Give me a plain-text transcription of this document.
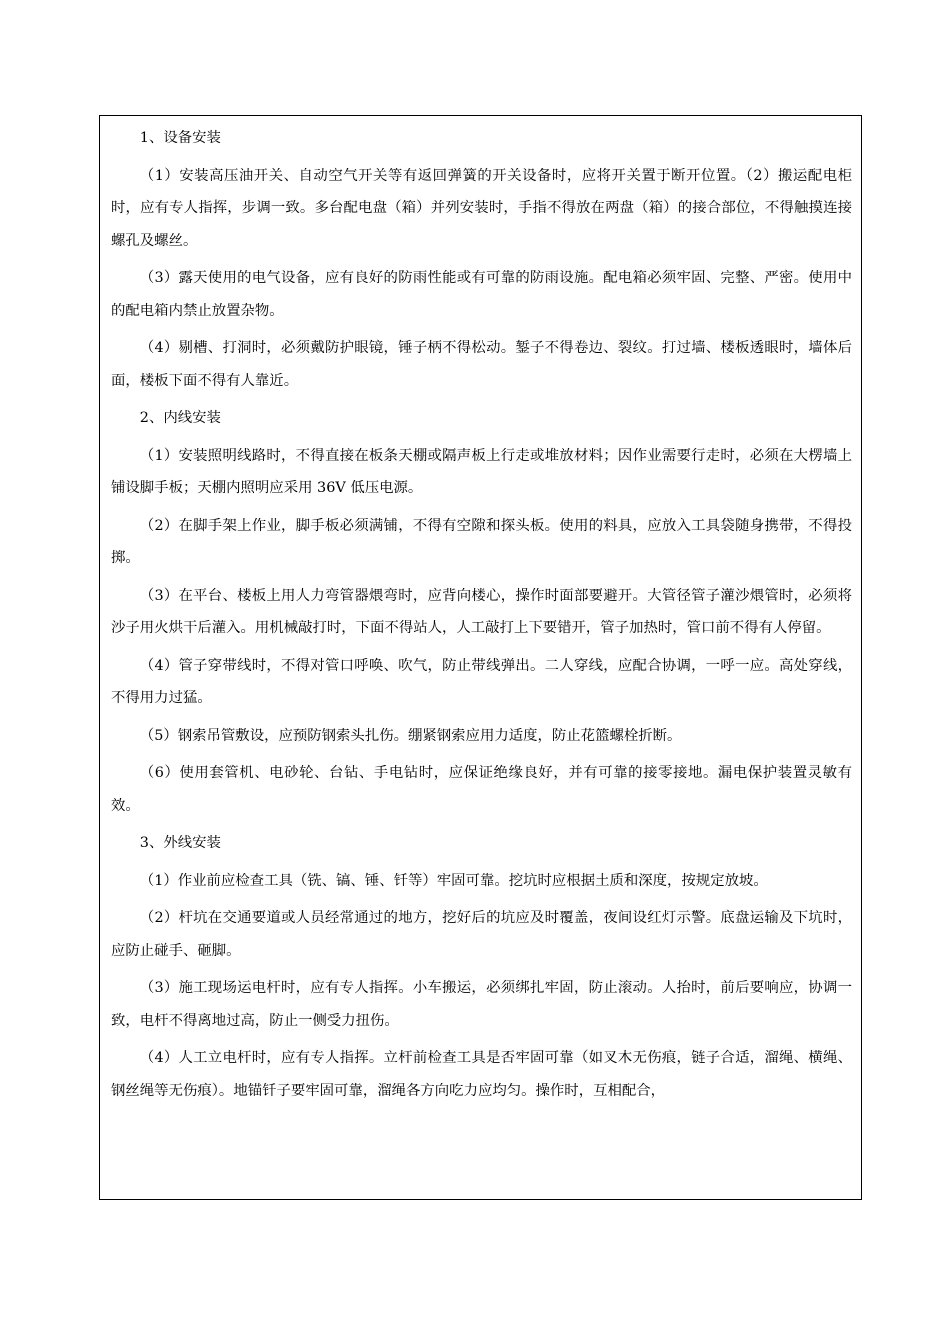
1、设备安装

（1）安装高压油开关、自动空气开关等有返回弹簧的开关设备时，应将开关置于断开位置。（2）搬运配电柜时，应有专人指挥，步调一致。多台配电盘（箱）并列安装时，手指不得放在两盘（箱）的接合部位，不得触摸连接螺孔及螺丝。

（3）露天使用的电气设备，应有良好的防雨性能或有可靠的防雨设施。配电箱必须牢固、完整、严密。使用中的配电箱内禁止放置杂物。

（4）剔槽、打洞时，必须戴防护眼镜，锤子柄不得松动。錾子不得卷边、裂纹。打过墙、楼板透眼时，墙体后面，楼板下面不得有人靠近。

2、内线安装

（1）安装照明线路时，不得直接在板条天棚或隔声板上行走或堆放材料；因作业需要行走时，必须在大楞墙上铺设脚手板；天棚内照明应采用 36V 低压电源。

（2）在脚手架上作业，脚手板必须满铺，不得有空隙和探头板。使用的料具，应放入工具袋随身携带，不得投掷。

（3）在平台、楼板上用人力弯管器煨弯时，应背向楼心，操作时面部要避开。大管径管子灌沙煨管时，必须将沙子用火烘干后灌入。用机械敲打时，下面不得站人，人工敲打上下要错开，管子加热时，管口前不得有人停留。

（4）管子穿带线时，不得对管口呼唤、吹气，防止带线弹出。二人穿线，应配合协调，一呼一应。高处穿线，不得用力过猛。

（5）钢索吊管敷设，应预防钢索头扎伤。绷紧钢索应用力适度，防止花篮螺栓折断。

（6）使用套管机、电砂轮、台钻、手电钻时，应保证绝缘良好，并有可靠的接零接地。漏电保护装置灵敏有效。

3、外线安装

（1）作业前应检查工具（铣、镐、锤、钎等）牢固可靠。挖坑时应根据土质和深度，按规定放坡。

（2）杆坑在交通要道或人员经常通过的地方，挖好后的坑应及时覆盖，夜间设红灯示警。底盘运输及下坑时，应防止碰手、砸脚。

（3）施工现场运电杆时，应有专人指挥。小车搬运，必须绑扎牢固，防止滚动。人抬时，前后要响应，协调一致，电杆不得离地过高，防止一侧受力扭伤。

（4）人工立电杆时，应有专人指挥。立杆前检查工具是否牢固可靠（如叉木无伤痕，链子合适，溜绳、横绳、钢丝绳等无伤痕）。地锚钎子要牢固可靠，溜绳各方向吃力应均匀。操作时，互相配合，
